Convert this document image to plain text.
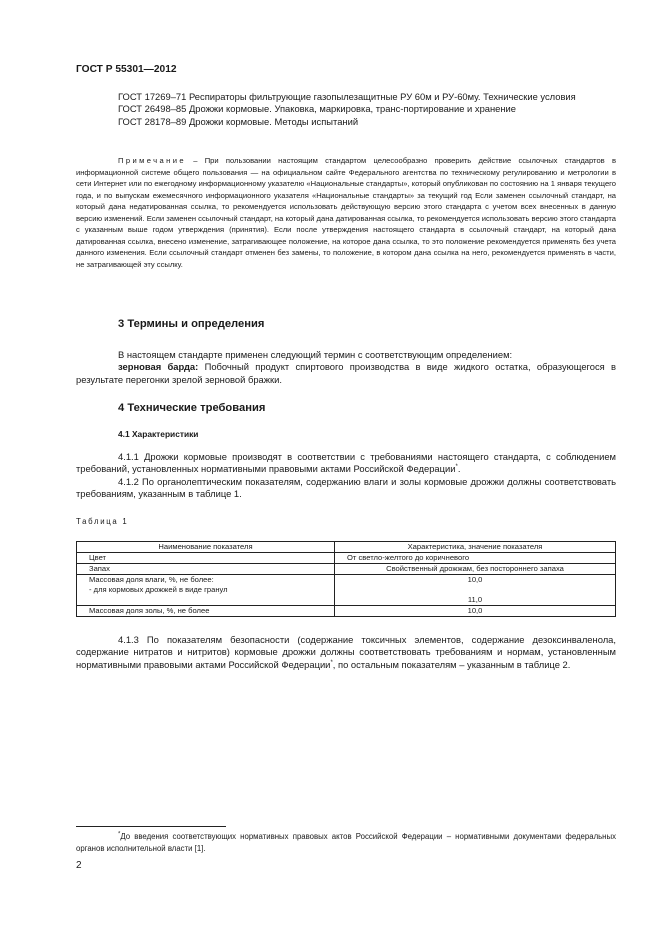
ГОСТ Р 55301—2012

ГОСТ 17269–71 Респираторы фильтрующие газопылезащитные РУ 60м и РУ-60му. Технические условия

ГОСТ 26498–85 Дрожжи кормовые. Упаковка, маркировка, транс-портирование и хранение

ГОСТ 28178–89 Дрожжи кормовые. Методы испытаний

Примечание – При пользовании настоящим стандартом целесообразно проверить действие ссылочных стандартов в информационной системе общего пользования — на официальном сайте Федерального агентства по техническому регулированию и метрологии в сети Интернет или по ежегодному информационному указателю «Национальные стандарты», который опубликован по состоянию на 1 января текущего года, и по выпускам ежемесячного информационного указателя «Национальные стандарты» за текущий год Если заменен ссылочный стандарт, на который дана недатированная ссылка, то рекомендуется использовать действующую версию этого стандарта с учетом всех внесенных в данную версию изменений. Если заменен ссылочный стандарт, на который дана датированная ссылка, то рекомендуется использовать версию этого стандарта с указанным выше годом утверждения (принятия). Если после утверждения настоящего стандарта в ссылочный стандарт, на который дана датированная ссылка, внесено изменение, затрагивающее положение, на которое дана ссылка, то это положение рекомендуется применять без учета данного изменения. Если ссылочный стандарт отменен без замены, то положение, в котором дана ссылка на него, рекомендуется применять в части, не затрагивающей эту ссылку.

3 Термины и определения

В настоящем стандарте применен следующий термин с соответствующим определением:

зерновая барда: Побочный продукт спиртового производства в виде жидкого остатка, образующегося в результате перегонки зрелой зерновой бражки.

4 Технические требования
4.1 Характеристики

4.1.1 Дрожжи кормовые производят в соответствии с требованиями настоящего стандарта, с соблюдением требований, установленных нормативными правовыми актами Российской Федерации*.

4.1.2 По органолептическим показателям, содержанию влаги и золы кормовые дрожжи должны соответствовать требованиям, указанным в таблице 1.

Таблица 1

Наименование показателя	Характеристика, значение показателя
Цвет	От светло-желтого до коричневого
Запах	Свойственный дрожжам, без постороннего запаха
Массовая доля влаги, %, не более:	10,0
- для кормовых дрожжей в виде гранул	11,0
Массовая доля золы, %, не более	10,0

4.1.3 По показателям безопасности (содержание токсичных элементов, содержание дезоксинваленола, содержание нитратов и нитритов) кормовые дрожжи должны соответствовать требованиям и нормам, установленным нормативными правовыми актами Российской Федерации*, по остальным показателям – указанным в таблице 2.

*До введения соответствующих нормативных правовых актов Российской Федерации – нормативными документами федеральных органов исполнительной власти [1].

2
